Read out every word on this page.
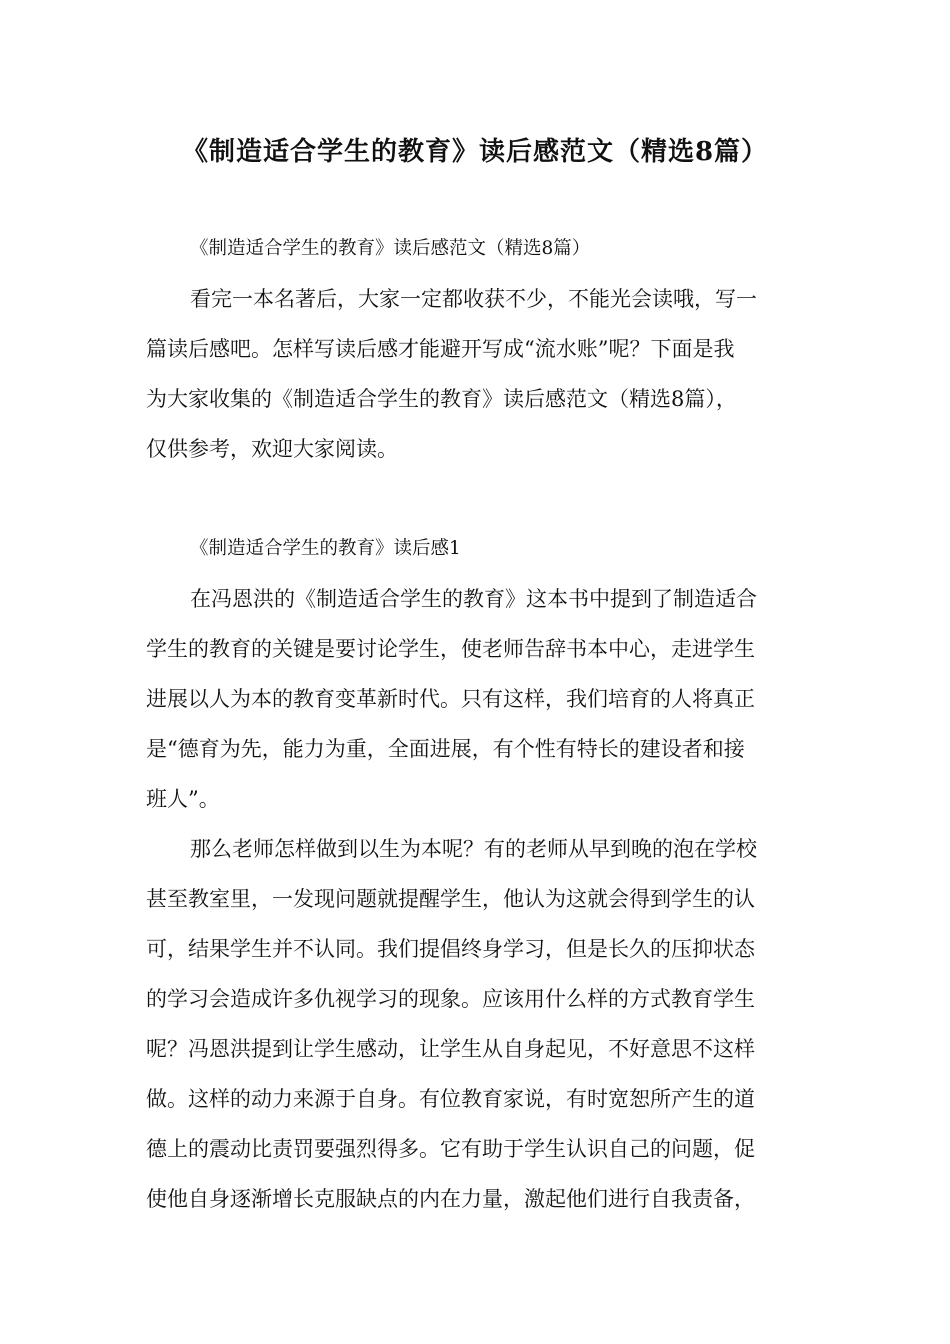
《制造适合学生的教育》读后感范文（精选8篇）
《制造适合学生的教育》读后感范文（精选8篇）
看完一本名著后，大家一定都收获不少，不能光会读哦，写一
篇读后感吧。怎样写读后感才能避开写成“流水账”呢？下面是我
为大家收集的《制造适合学生的教育》读后感范文（精选8篇），
仅供参考，欢迎大家阅读。
《制造适合学生的教育》读后感1
在冯恩洪的《制造适合学生的教育》这本书中提到了制造适合
学生的教育的关键是要讨论学生，使老师告辞书本中心，走进学生
进展以人为本的教育变革新时代。只有这样，我们培育的人将真正
是“德育为先，能力为重，全面进展，有个性有特长的建设者和接
班人”。
那么老师怎样做到以生为本呢？有的老师从早到晚的泡在学校
甚至教室里，一发现问题就提醒学生，他认为这就会得到学生的认
可，结果学生并不认同。我们提倡终身学习，但是长久的压抑状态
的学习会造成许多仇视学习的现象。应该用什么样的方式教育学生
呢？冯恩洪提到让学生感动，让学生从自身起见，不好意思不这样
做。这样的动力来源于自身。有位教育家说，有时宽恕所产生的道
德上的震动比责罚要强烈得多。它有助于学生认识自己的问题，促
使他自身逐渐增长克服缺点的内在力量，激起他们进行自我责备，
